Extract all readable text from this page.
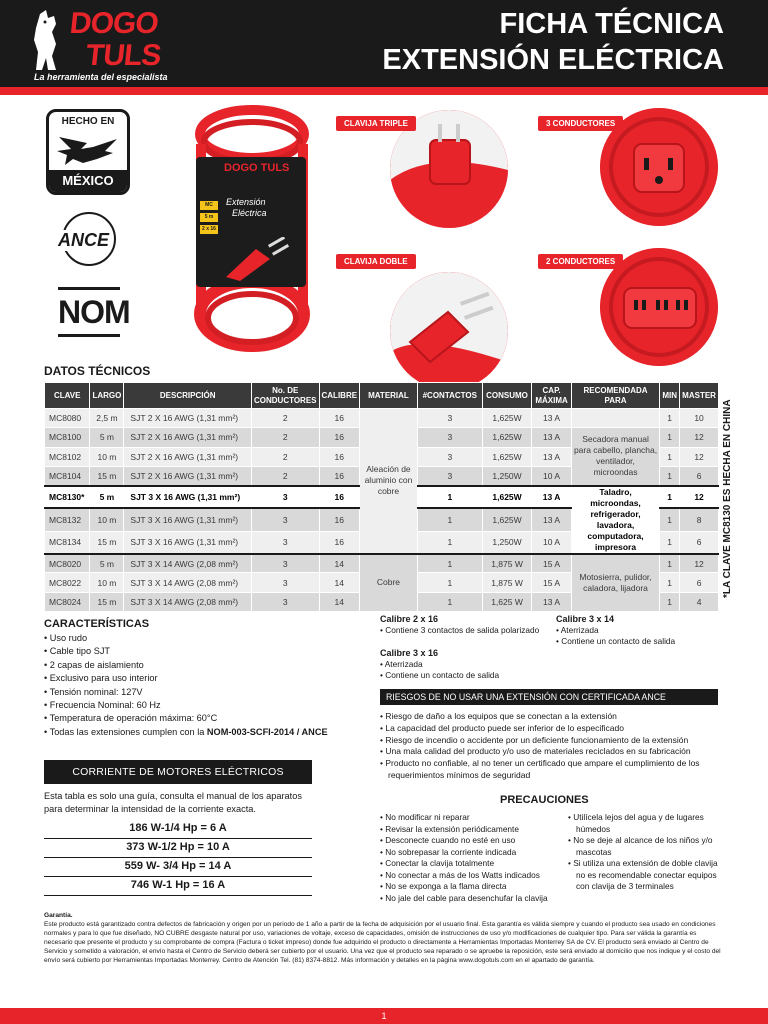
DOGO
TULS
La herramienta del especialista
FICHA TÉCNICA
EXTENSIÓN ELÉCTRICA
HECHO EN
MÉXICO
ANCE
NOM
DOGO TULS
Extensión
Eléctrica
MC
5 m
2 x 16
CLAVIJA TRIPLE	3 CONDUCTORES
CLAVIJA DOBLE	2 CONDUCTORES
DATOS TÉCNICOS
CLAVE	LARGO	DESCRIPCIÓN	No. DE CONDUCTORES	CALIBRE	MATERIAL	#CONTACTOS	CONSUMO	CAP. MÁXIMA	RECOMENDADA PARA	MIN	MASTER
MC8080	2,5 m	SJT 2 X 16 AWG (1,31 mm²)	2	16	Aleación de aluminio con cobre	3	1,625W	13 A		1	10
MC8100	5 m	SJT 2 X 16 AWG (1,31 mm²)	2	16		3	1,625W	13 A	Secadora manual para cabello, plancha, ventilador, microondas	1	12
MC8102	10 m	SJT 2 X 16 AWG (1,31 mm²)	2	16		3	1,625W	13 A		1	12
MC8104	15 m	SJT 2 X 16 AWG (1,31 mm²)	2	16		3	1,250W	10 A		1	6
MC8130*	5 m	SJT 3 X 16 AWG (1,31 mm²)	3	16		1	1,625W	13 A	Taladro, microondas, refrigerador, lavadora, computadora, impresora	1	12
MC8132	10 m	SJT 3 X 16 AWG (1,31 mm²)	3	16		1	1,625W	13 A		1	8
MC8134	15 m	SJT 3 X 16 AWG (1,31 mm²)	3	16		1	1,250W	10 A		1	6
MC8020	5 m	SJT 3 X 14 AWG (2,08 mm²)	3	14	Cobre	1	1,875 W	15 A	Motosierra, pulidor, caladora, lijadora	1	12
MC8022	10 m	SJT 3 X 14 AWG (2,08 mm²)	3	14		1	1,875 W	15 A		1	6
MC8024	15 m	SJT 3 X 14 AWG (2,08 mm²)	3	14		1	1,625 W	13 A		1	4
*LA CLAVE MC8130 ES HECHA EN CHINA
CARACTERÍSTICAS
• Uso rudo
• Cable tipo SJT
• 2 capas de aislamiento
• Exclusivo para uso interior
• Tensión nominal: 127V
• Frecuencia Nominal: 60 Hz
• Temperatura de operación máxima: 60°C
• Todas las extensiones cumplen con la NOM-003-SCFI-2014 / ANCE
CORRIENTE DE MOTORES ELÉCTRICOS
Esta tabla es solo una guía, consulta el manual de los aparatos para determinar la intensidad de la corriente exacta.
186 W-1/4 Hp = 6 A
373 W-1/2 Hp = 10 A
559 W- 3/4 Hp = 14 A
746 W-1 Hp = 16 A
Calibre 2 x 16
• Contiene 3 contactos de salida polarizado
Calibre 3 x 14
• Aterrizada
• Contiene un contacto de salida
Calibre 3 x 16
• Aterrizada
• Contiene un contacto de salida
RIESGOS DE NO USAR UNA EXTENSIÓN CON CERTIFICADA ANCE
• Riesgo de daño a los equipos que se conectan a la extensión
• La capacidad del producto puede ser inferior de lo especificado
• Riesgo de incendio o accidente por un deficiente funcionamiento de la extensión
• Una mala calidad del producto y/o uso de materiales reciclados en su fabricación
• Producto no confiable, al no tener un certificado que ampare el cumplimiento de los requerimientos mínimos de seguridad
PRECAUCIONES
• No modificar ni reparar
• Revisar la extensión periódicamente
• Desconecte cuando no esté en uso
• No sobrepasar la corriente indicada
• Conectar la clavija totalmente
• No conectar a más de los Watts indicados
• No se exponga a la flama directa
• No jale del cable para desenchufar la clavija
• Utilícela lejos del agua y de lugares húmedos
• No se deje al alcance de los niños y/o mascotas
• Si utiliza una extensión de doble clavija no es recomendable conectar equipos con clavija de 3 terminales
Garantía.
Este producto está garantizado contra defectos de fabricación y origen por un periodo de 1 año a partir de la fecha de adquisición por el usuario final. Esta garantía es válida siempre y cuando el producto sea usado en condiciones normales y para lo que fue diseñado, NO CUBRE desgaste natural por uso, variaciones de voltaje, exceso de capacidades, omisión de instrucciones de uso y/o modificaciones de cualquier tipo. Para ser válida la garantía es necesario que presente el producto y su comprobante de compra (Factura o ticket impreso) donde fue adquirido el producto o directamente a Herramientas Importadas Monterrey SA de CV. El producto será enviado al Centro de Servicio y sometido a valoración, el envío hasta el Centro de Servicio deberá ser cubierto por el usuario. Una vez que el producto sea reparado o se apruebe la reposición, este será enviado al domicilio que nos indique y el costo del envío será cubierto por Herramientas Importadas Monterrey. Centro de Atención Tel. (81) 8374-8812. Más información y detalles en la página www.dogotuls.com en el apartado de garantía.
1
